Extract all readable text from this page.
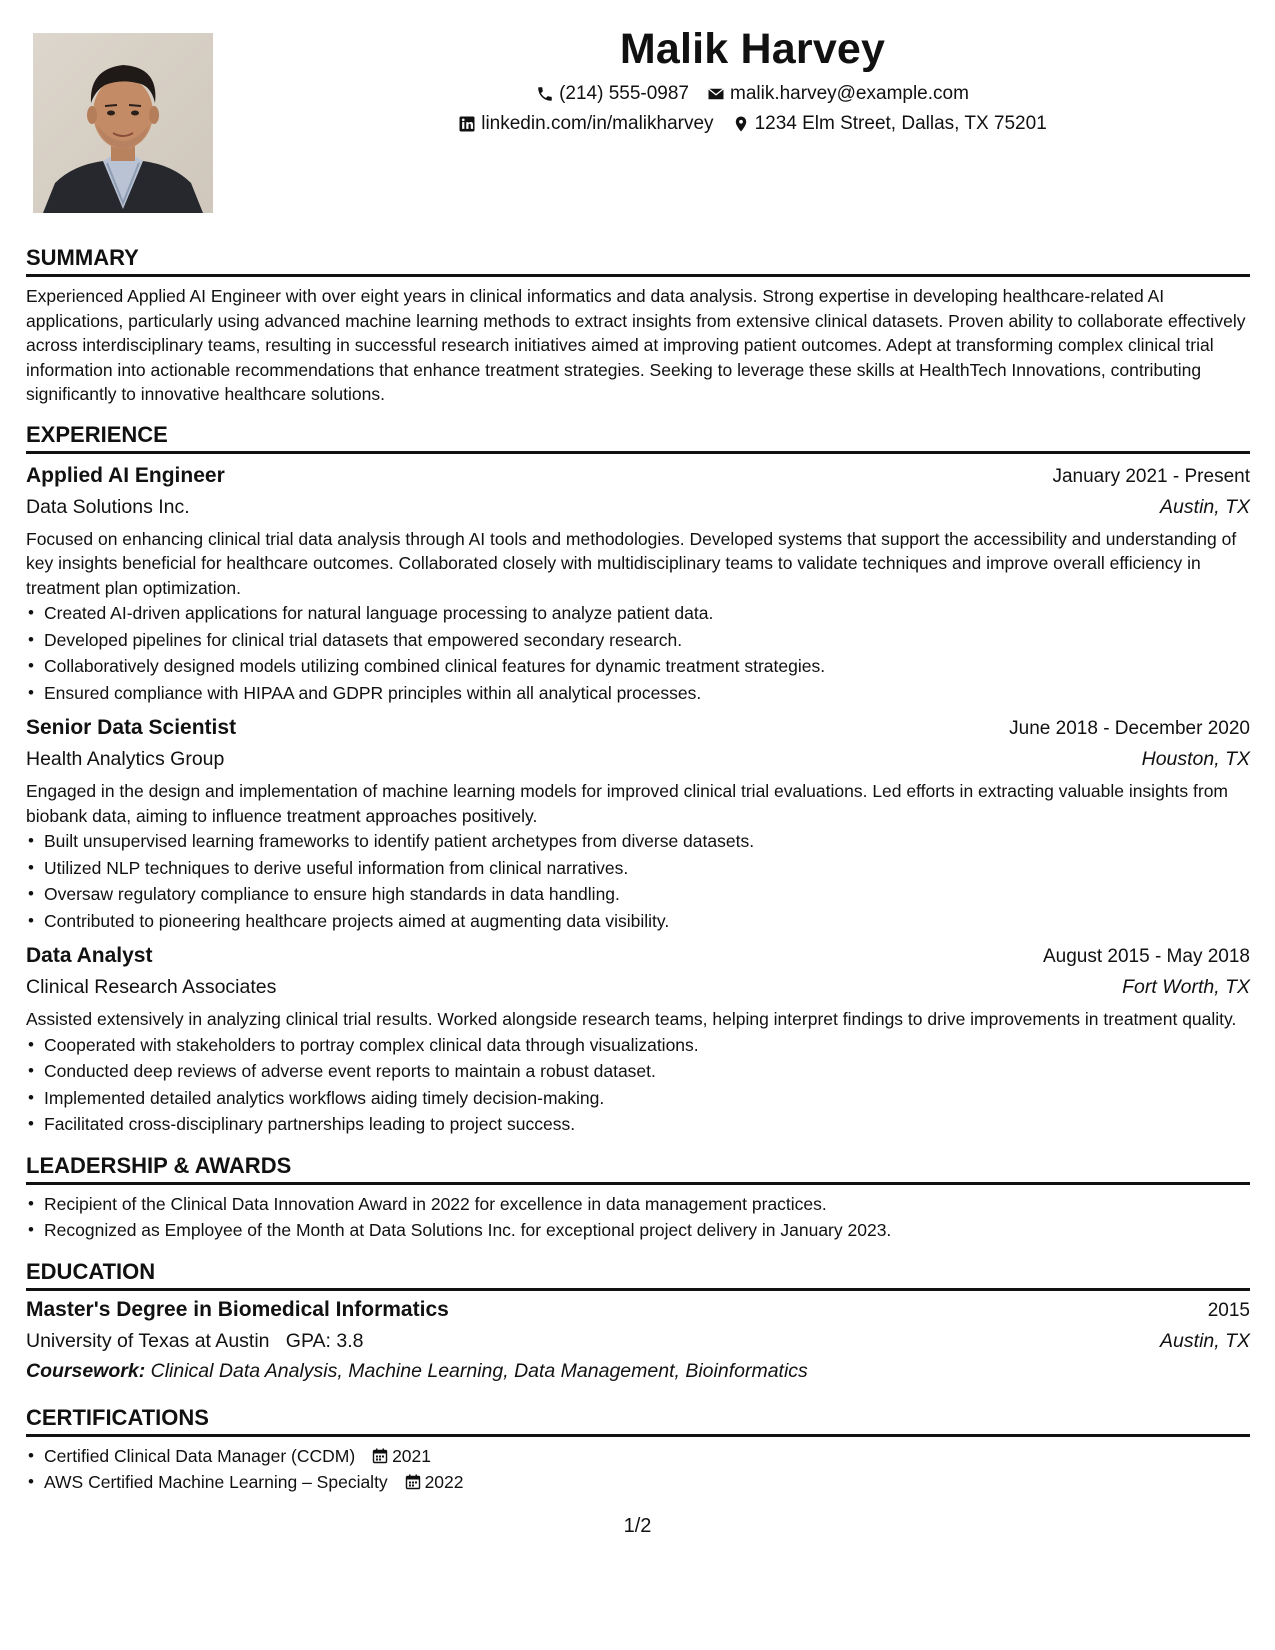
Malik Harvey
(214) 555-0987 malik.harvey@example.com
linkedin.com/in/malikharvey 1234 Elm Street, Dallas, TX 75201
SUMMARY

Experienced Applied AI Engineer with over eight years in clinical informatics and data analysis. Strong expertise in developing healthcare-related AI applications, particularly using advanced machine learning methods to extract insights from extensive clinical datasets. Proven ability to collaborate effectively across interdisciplinary teams, resulting in successful research initiatives aimed at improving patient outcomes. Adept at transforming complex clinical trial information into actionable recommendations that enhance treatment strategies. Seeking to leverage these skills at HealthTech Innovations, contributing significantly to innovative healthcare solutions.

EXPERIENCE
Applied AI Engineer	January 2021 - Present
Data Solutions Inc.	Austin, TX
Focused on enhancing clinical trial data analysis through AI tools and methodologies. Developed systems that support the accessibility and understanding of key insights beneficial for healthcare outcomes. Collaborated closely with multidisciplinary teams to validate techniques and improve overall efficiency in treatment plan optimization.
• Created AI-driven applications for natural language processing to analyze patient data.
• Developed pipelines for clinical trial datasets that empowered secondary research.
• Collaboratively designed models utilizing combined clinical features for dynamic treatment strategies.
• Ensured compliance with HIPAA and GDPR principles within all analytical processes.
Senior Data Scientist	June 2018 - December 2020
Health Analytics Group	Houston, TX
Engaged in the design and implementation of machine learning models for improved clinical trial evaluations. Led efforts in extracting valuable insights from biobank data, aiming to influence treatment approaches positively.
• Built unsupervised learning frameworks to identify patient archetypes from diverse datasets.
• Utilized NLP techniques to derive useful information from clinical narratives.
• Oversaw regulatory compliance to ensure high standards in data handling.
• Contributed to pioneering healthcare projects aimed at augmenting data visibility.
Data Analyst	August 2015 - May 2018
Clinical Research Associates	Fort Worth, TX
Assisted extensively in analyzing clinical trial results. Worked alongside research teams, helping interpret findings to drive improvements in treatment quality.
• Cooperated with stakeholders to portray complex clinical data through visualizations.
• Conducted deep reviews of adverse event reports to maintain a robust dataset.
• Implemented detailed analytics workflows aiding timely decision-making.
• Facilitated cross-disciplinary partnerships leading to project success.
LEADERSHIP & AWARDS
• Recipient of the Clinical Data Innovation Award in 2022 for excellence in data management practices.
• Recognized as Employee of the Month at Data Solutions Inc. for exceptional project delivery in January 2023.
EDUCATION
Master's Degree in Biomedical Informatics	2015
University of Texas at Austin GPA: 3.8	Austin, TX
Coursework: Clinical Data Analysis, Machine Learning, Data Management, Bioinformatics
CERTIFICATIONS
• Certified Clinical Data Manager (CCDM) 2021
• AWS Certified Machine Learning – Specialty 2022
1/2
